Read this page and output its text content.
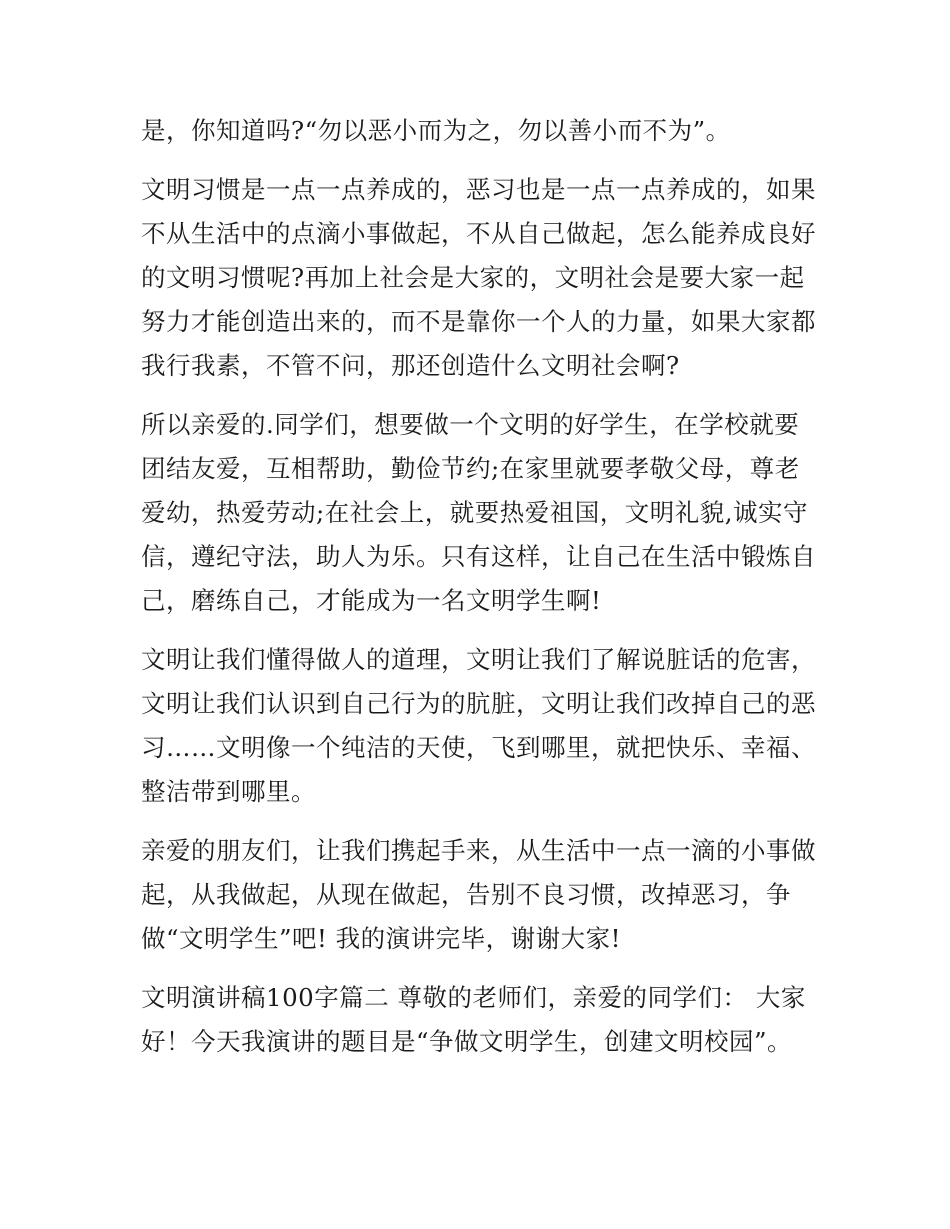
是，你知道吗?“勿以恶小而为之，勿以善小而不为”。

文明习惯是一点一点养成的，恶习也是一点一点养成的，如果

不从生活中的点滴小事做起，不从自己做起，怎么能养成良好

的文明习惯呢?再加上社会是大家的，文明社会是要大家一起

努力才能创造出来的，而不是靠你一个人的力量，如果大家都

我行我素，不管不问，那还创造什么文明社会啊?

所以亲爱的.同学们，想要做一个文明的好学生，在学校就要

团结友爱，互相帮助，勤俭节约;在家里就要孝敬父母，尊老

爱幼，热爱劳动;在社会上，就要热爱祖国，文明礼貌,诚实守

信，遵纪守法，助人为乐。只有这样，让自己在生活中锻炼自

己，磨练自己，才能成为一名文明学生啊!

文明让我们懂得做人的道理，文明让我们了解说脏话的危害，

文明让我们认识到自己行为的肮脏，文明让我们改掉自己的恶

习……文明像一个纯洁的天使，飞到哪里，就把快乐、幸福、

整洁带到哪里。

亲爱的朋友们，让我们携起手来，从生活中一点一滴的小事做

起，从我做起，从现在做起，告别不良习惯，改掉恶习，争

做“文明学生”吧! 我的演讲完毕，谢谢大家!

文明演讲稿100字篇二 尊敬的老师们，亲爱的同学们： 大家

好！今天我演讲的题目是“争做文明学生，创建文明校园”。
